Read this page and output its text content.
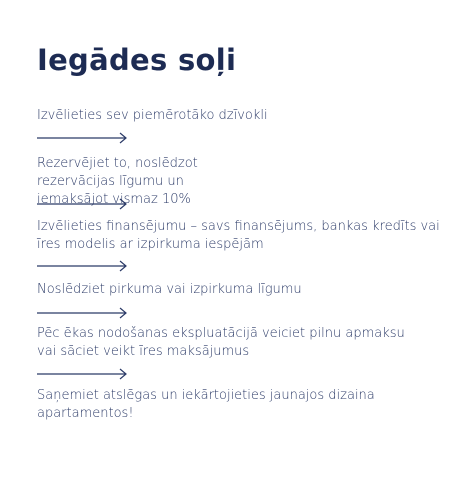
Iegādes soļi

Izvēlieties sev piemērotāko dzīvokli

Rezervējiet to, noslēdzot rezervācijas līgumu un iemaksājot vismaz 10%

Izvēlieties finansējumu – savs finansējums, bankas kredīts vai īres modelis ar izpirkuma iespējām

Noslēdziet pirkuma vai izpirkuma līgumu

Pēc ēkas nodošanas ekspluatācijā veiciet pilnu apmaksu vai sāciet veikt īres maksājumus

Saņemiet atslēgas un iekārtojieties jaunajos dizaina apartamentos!
